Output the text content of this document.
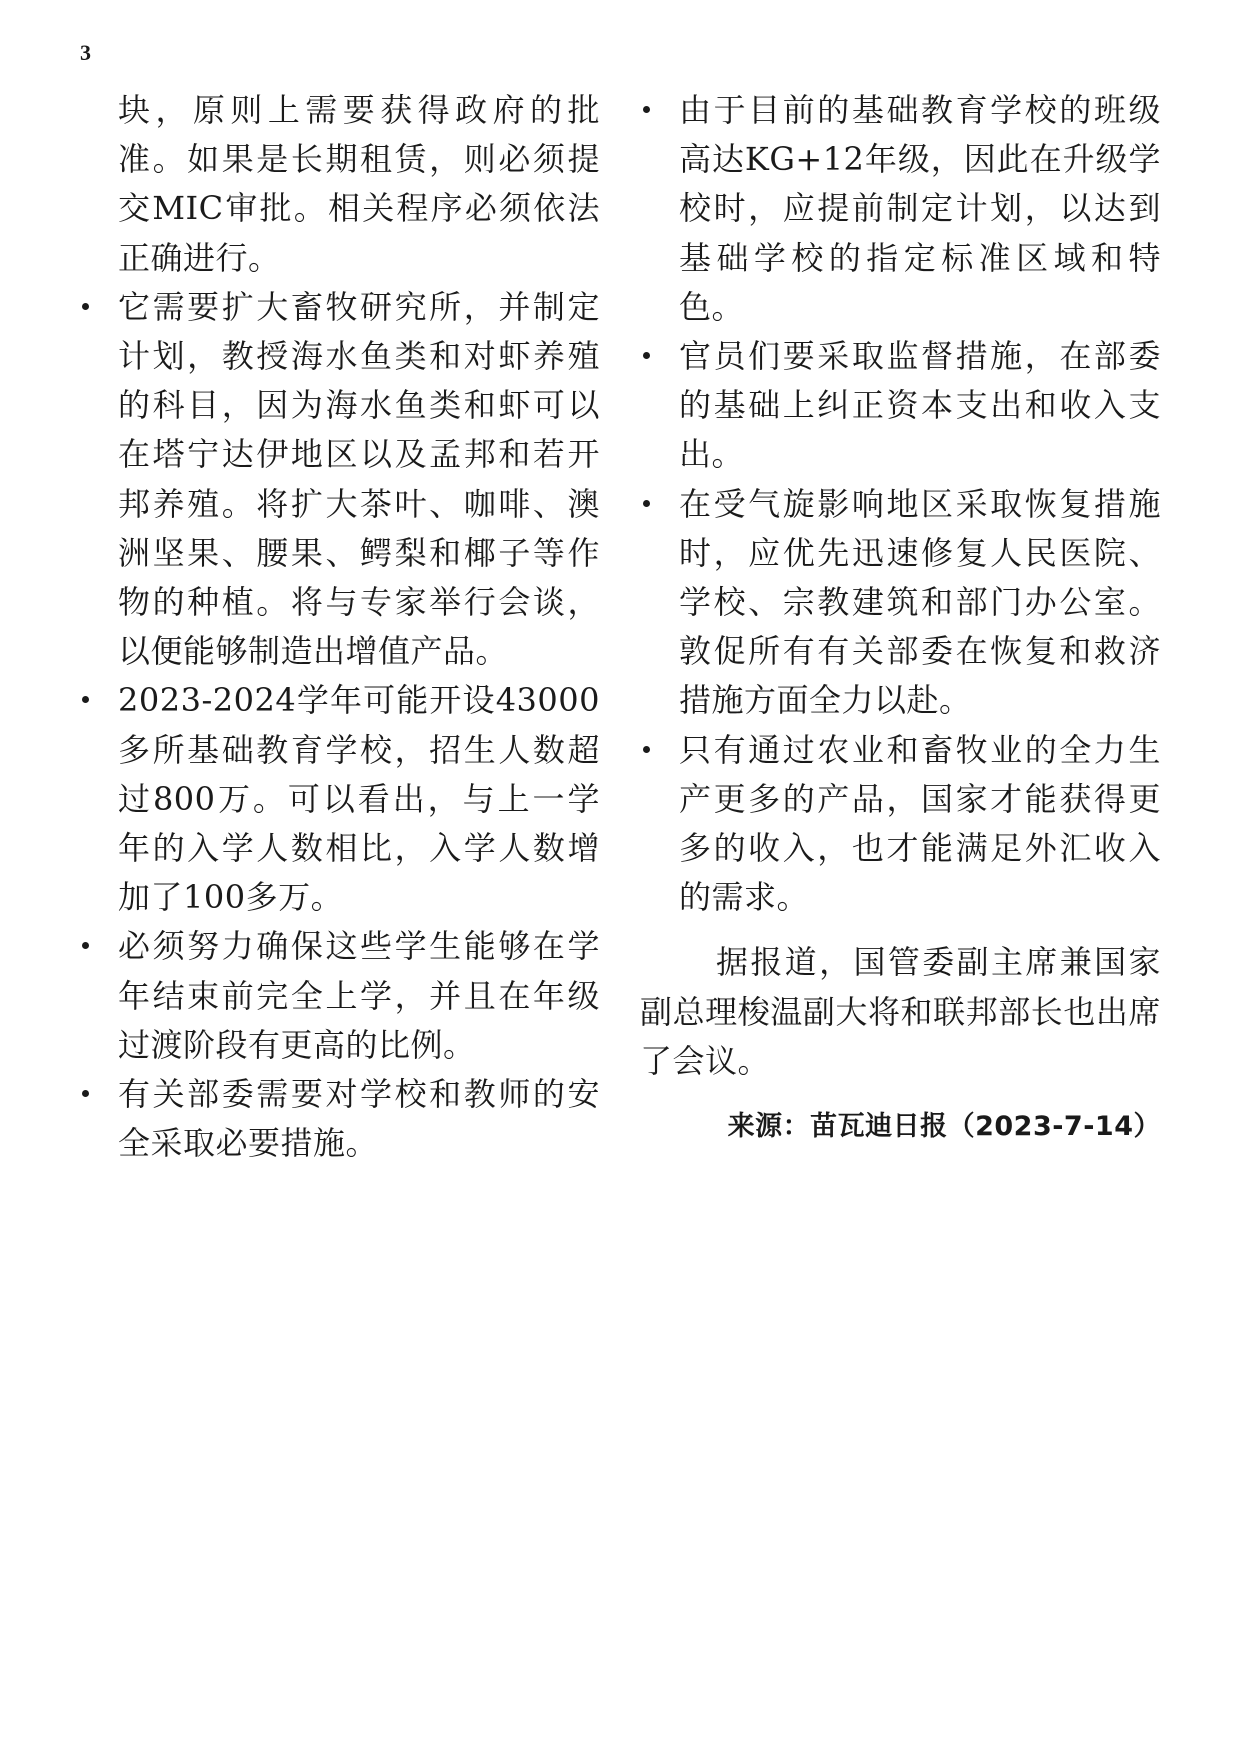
3

块，原则上需要获得政府的批准。如果是长期租赁，则必须提交MIC审批。相关程序必须依法正确进行。

它需要扩大畜牧研究所，并制定计划，教授海水鱼类和对虾养殖的科目，因为海水鱼类和虾可以在塔宁达伊地区以及孟邦和若开邦养殖。将扩大茶叶、咖啡、澳洲坚果、腰果、鳄梨和椰子等作物的种植。将与专家举行会谈，以便能够制造出增值产品。
2023-2024学年可能开设43000多所基础教育学校，招生人数超过800万。可以看出，与上一学年的入学人数相比，入学人数增加了100多万。
必须努力确保这些学生能够在学年结束前完全上学，并且在年级过渡阶段有更高的比例。
有关部委需要对学校和教师的安全采取必要措施。
由于目前的基础教育学校的班级高达KG+12年级，因此在升级学校时，应提前制定计划，以达到基础学校的指定标准区域和特色。
官员们要采取监督措施，在部委的基础上纠正资本支出和收入支出。
在受气旋影响地区采取恢复措施时，应优先迅速修复人民医院、学校、宗教建筑和部门办公室。敦促所有有关部委在恢复和救济措施方面全力以赴。
只有通过农业和畜牧业的全力生产更多的产品，国家才能获得更多的收入，也才能满足外汇收入的需求。

据报道，国管委副主席兼国家副总理梭温副大将和联邦部长也出席了会议。

来源：苗瓦迪日报（2023-7-14）
